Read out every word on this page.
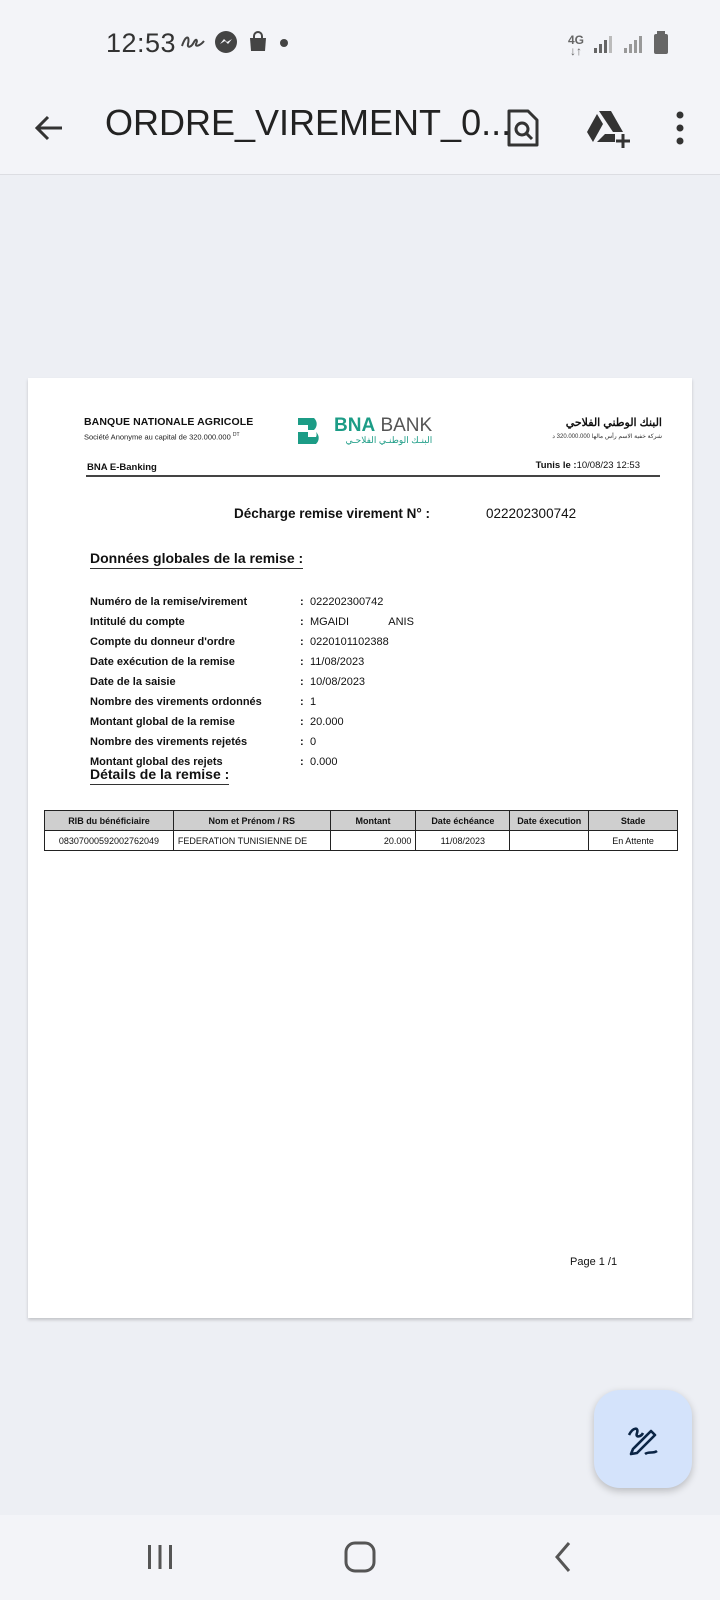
12:53	4G
↓↑
ORDRE_VIREMENT_0...
BANQUE NATIONALE AGRICOLE
Société Anonyme au capital de 320.000.000 $^{DT}$	BNA BANK
البنـك الوطنـي الفلاحـي
البنك الوطني الفلاحي
شركة خفية الاسم رأس مالها 320.000.000 د
BNA E-Banking	Tunis le :10/08/23 12:53
Décharge remise virement N° :	022202300742
Données globales de la remise :
Numéro de la remise/virement	: 022202300742
Intitulé du compte	: MGAIDI             ANIS
Compte du donneur d'ordre	: 0220101102388
Date exécution de la remise	: 11/08/2023
Date de la saisie	: 10/08/2023
Nombre des virements ordonnés	: 1
Montant global de la remise	: 20.000
Nombre des virements rejetés	: 0
Montant global des rejets	: 0.000
Détails de la remise :
RIB du bénéficiaire	Nom et Prénom / RS	Montant	Date échéance	Date éxecution	Stade
08307000592002762049	FEDERATION TUNISIENNE DE	20.000	11/08/2023		En Attente
Page 1 /1
